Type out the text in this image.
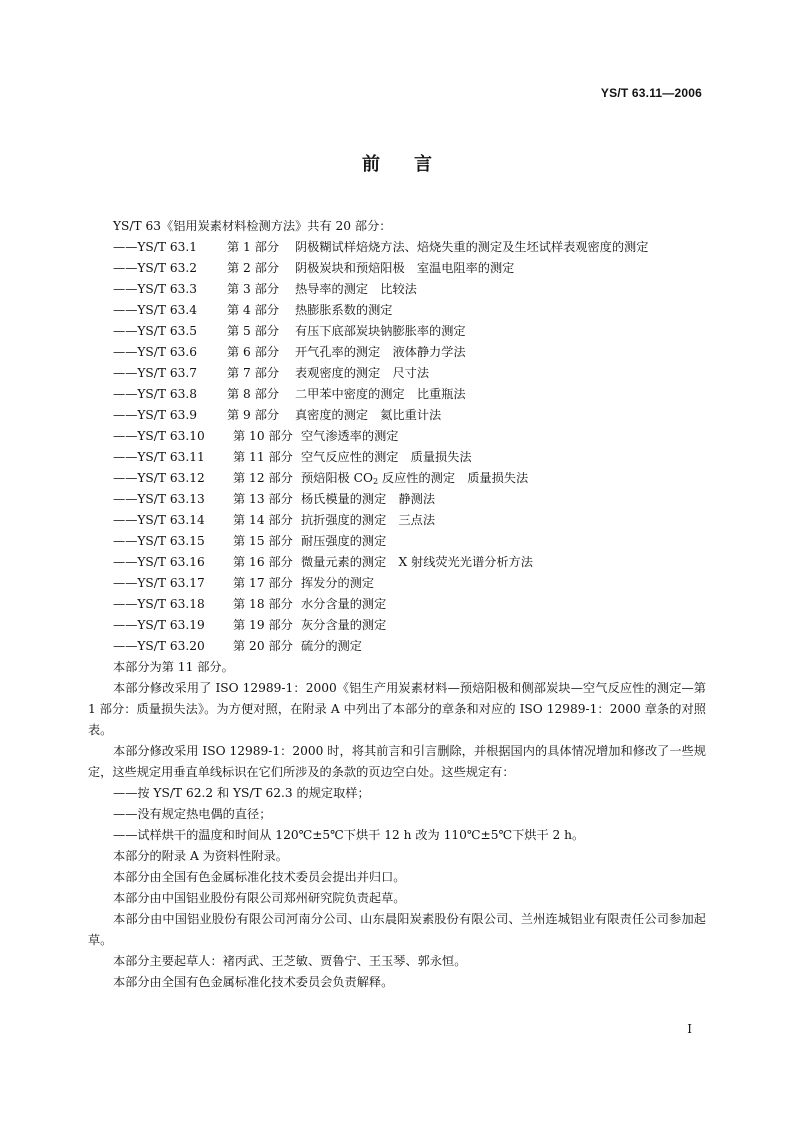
YS/T 63.11—2006
前言

YS/T 63《铝用炭素材料检测方法》共有 20 部分：

——YS/T 63.1	第 1 部分	阴极糊试样焙烧方法、焙烧失重的测定及生坯试样表观密度的测定
——YS/T 63.2	第 2 部分	阴极炭块和预焙阳极　室温电阻率的测定
——YS/T 63.3	第 3 部分	热导率的测定　比较法
——YS/T 63.4	第 4 部分	热膨胀系数的测定
——YS/T 63.5	第 5 部分	有压下底部炭块钠膨胀率的测定
——YS/T 63.6	第 6 部分	开气孔率的测定　液体静力学法
——YS/T 63.7	第 7 部分	表观密度的测定　尺寸法
——YS/T 63.8	第 8 部分	二甲苯中密度的测定　比重瓶法
——YS/T 63.9	第 9 部分	真密度的测定　氦比重计法
——YS/T 63.10	第 10 部分 空气渗透率的测定
——YS/T 63.11	第 11 部分 空气反应性的测定　质量损失法
——YS/T 63.12	第 12 部分 预焙阳极 $CO_2$ 反应性的测定　质量损失法
——YS/T 63.13	第 13 部分 杨氏模量的测定　静测法
——YS/T 63.14	第 14 部分 抗折强度的测定　三点法
——YS/T 63.15	第 15 部分 耐压强度的测定
——YS/T 63.16	第 16 部分 微量元素的测定　X 射线荧光光谱分析方法
——YS/T 63.17	第 17 部分 挥发分的测定
——YS/T 63.18	第 18 部分 水分含量的测定
——YS/T 63.19	第 19 部分 灰分含量的测定
——YS/T 63.20	第 20 部分 硫分的测定

本部分为第 11 部分。

本部分修改采用了 ISO 12989-1：2000《铝生产用炭素材料—预焙阳极和侧部炭块—空气反应性的测定—第 1 部分：质量损失法》。为方便对照，在附录 A 中列出了本部分的章条和对应的 ISO 12989-1：2000 章条的对照表。

本部分修改采用 ISO 12989-1：2000 时，将其前言和引言删除，并根据国内的具体情况增加和修改了一些规定，这些规定用垂直单线标识在它们所涉及的条款的页边空白处。这些规定有：

——按 YS/T 62.2 和 YS/T 62.3 的规定取样；

——没有规定热电偶的直径；

——试样烘干的温度和时间从 120℃±5℃下烘干 12 h 改为 110℃±5℃下烘干 2 h。

本部分的附录 A 为资料性附录。

本部分由全国有色金属标准化技术委员会提出并归口。

本部分由中国铝业股份有限公司郑州研究院负责起草。

本部分由中国铝业股份有限公司河南分公司、山东晨阳炭素股份有限公司、兰州连城铝业有限责任公司参加起草。

本部分主要起草人：褚丙武、王芝敏、贾鲁宁、王玉琴、郭永恒。

本部分由全国有色金属标准化技术委员会负责解释。

I
